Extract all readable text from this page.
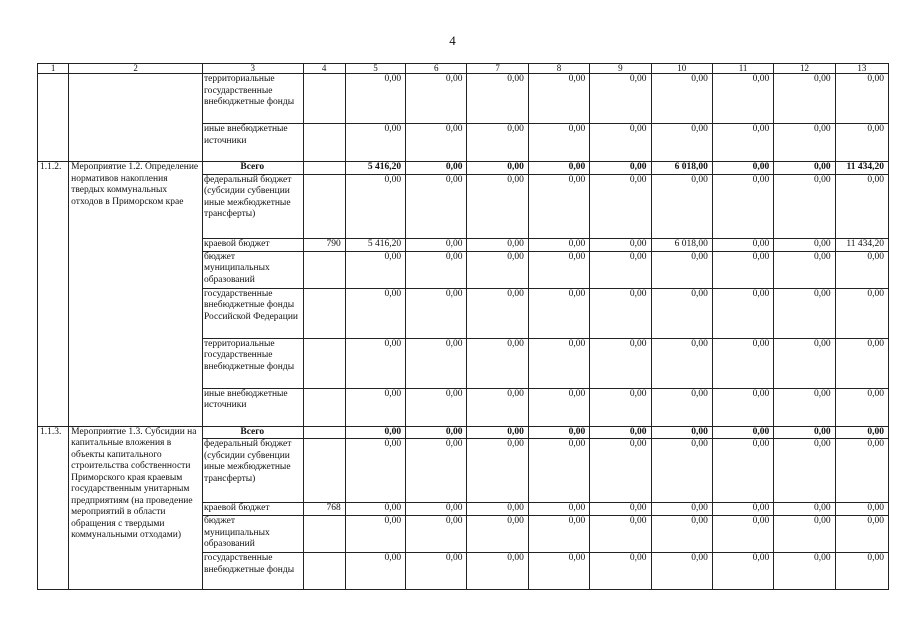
4
1	2	3	4	5	6	7	8	9	10	11	12	13
		территориальные государственные внебюджетные фонды		0,00	0,00	0,00	0,00	0,00	0,00	0,00	0,00	0,00
		иные внебюджетные источники		0,00	0,00	0,00	0,00	0,00	0,00	0,00	0,00	0,00
1.1.2.	Мероприятие 1.2. Определение нормативов накопления твердых коммунальных отходов в Приморском крае	Всего		5 416,20	0,00	0,00	0,00	0,00	6 018,00	0,00	0,00	11 434,20
		федеральный бюджет (субсидии субвенции иные межбюджетные трансферты)		0,00	0,00	0,00	0,00	0,00	0,00	0,00	0,00	0,00
		краевой бюджет	790	5 416,20	0,00	0,00	0,00	0,00	6 018,00	0,00	0,00	11 434,20
		бюджет муниципальных образований		0,00	0,00	0,00	0,00	0,00	0,00	0,00	0,00	0,00
		государственные внебюджетные фонды Российской Федерации		0,00	0,00	0,00	0,00	0,00	0,00	0,00	0,00	0,00
		территориальные государственные внебюджетные фонды		0,00	0,00	0,00	0,00	0,00	0,00	0,00	0,00	0,00
		иные внебюджетные источники		0,00	0,00	0,00	0,00	0,00	0,00	0,00	0,00	0,00
1.1.3.	Мероприятие 1.3. Субсидии на капитальные вложения в объекты капитального строительства собственности Приморского края краевым государственным унитарным предприятиям (на проведение мероприятий в области обращения с твердыми коммунальными отходами)	Всего		0,00	0,00	0,00	0,00	0,00	0,00	0,00	0,00	0,00
		федеральный бюджет (субсидии субвенции иные межбюджетные трансферты)		0,00	0,00	0,00	0,00	0,00	0,00	0,00	0,00	0,00
		краевой бюджет	768	0,00	0,00	0,00	0,00	0,00	0,00	0,00	0,00	0,00
		бюджет муниципальных образований		0,00	0,00	0,00	0,00	0,00	0,00	0,00	0,00	0,00
		государственные внебюджетные фонды		0,00	0,00	0,00	0,00	0,00	0,00	0,00	0,00	0,00
